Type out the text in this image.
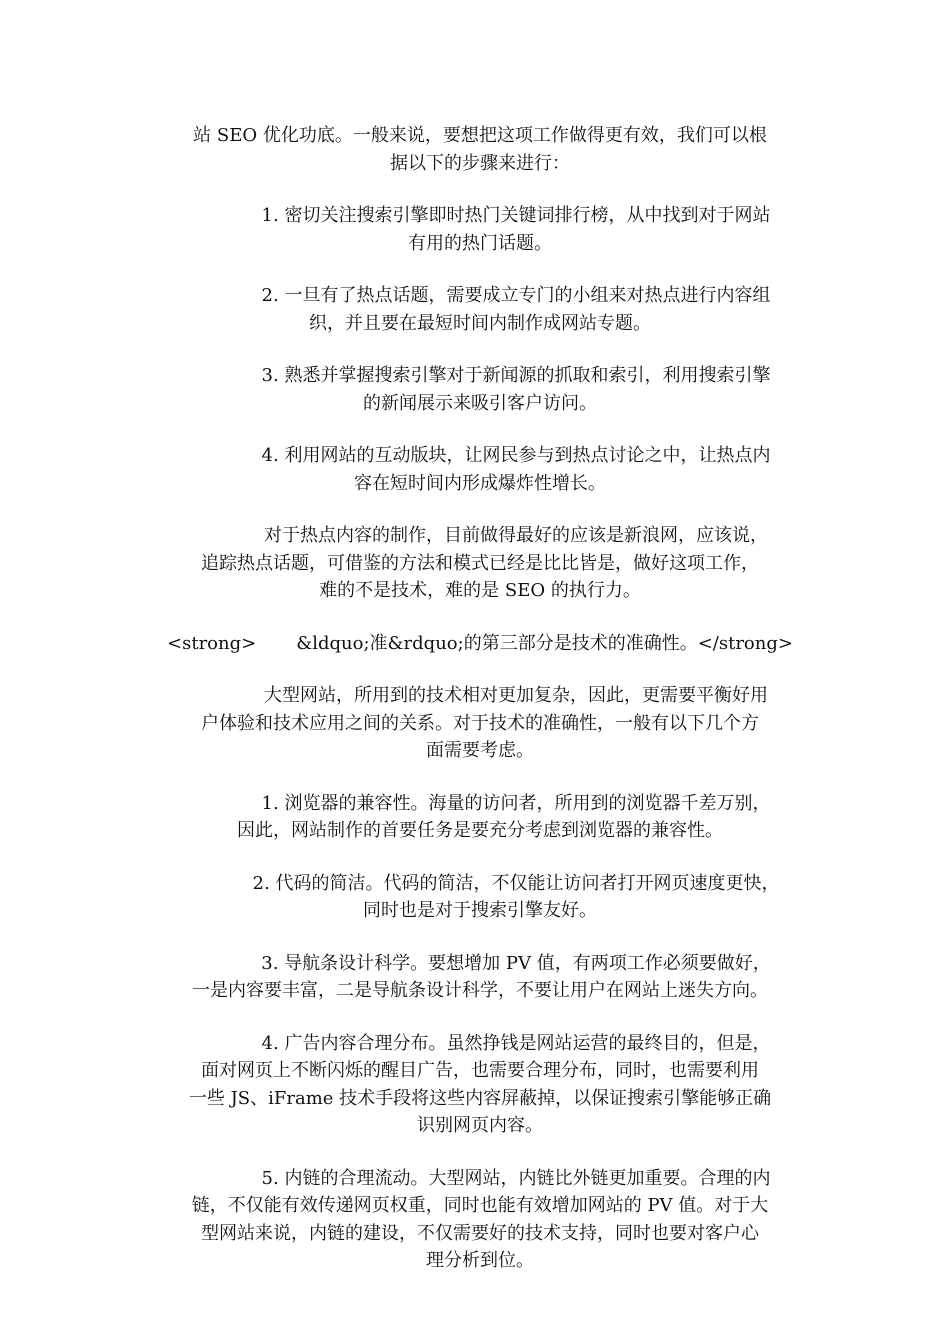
站 SEO 优化功底。一般来说，要想把这项工作做得更有效，我们可以根
据以下的步骤来进行：

1. 密切关注搜索引擎即时热门关键词排行榜，从中找到对于网站
有用的热门话题。

2. 一旦有了热点话题，需要成立专门的小组来对热点进行内容组
织，并且要在最短时间内制作成网站专题。

3. 熟悉并掌握搜索引擎对于新闻源的抓取和索引，利用搜索引擎
的新闻展示来吸引客户访问。

4. 利用网站的互动版块，让网民参与到热点讨论之中，让热点内
容在短时间内形成爆炸性增长。

对于热点内容的制作，目前做得最好的应该是新浪网，应该说，
追踪热点话题，可借鉴的方法和模式已经是比比皆是，做好这项工作，
难的不是技术，难的是 SEO 的执行力。

<strong> &ldquo;准&rdquo;的第三部分是技术的准确性。</strong>

大型网站，所用到的技术相对更加复杂，因此，更需要平衡好用
户体验和技术应用之间的关系。对于技术的准确性，一般有以下几个方
面需要考虑。

1. 浏览器的兼容性。海量的访问者，所用到的浏览器千差万别，
因此，网站制作的首要任务是要充分考虑到浏览器的兼容性。

2. 代码的简洁。代码的简洁，不仅能让访问者打开网页速度更快，
同时也是对于搜索引擎友好。

3. 导航条设计科学。要想增加 PV 值，有两项工作必须要做好，
一是内容要丰富，二是导航条设计科学，不要让用户在网站上迷失方向。

4. 广告内容合理分布。虽然挣钱是网站运营的最终目的，但是，
面对网页上不断闪烁的醒目广告，也需要合理分布，同时，也需要利用
一些 JS、iFrame 技术手段将这些内容屏蔽掉，以保证搜索引擎能够正确
识别网页内容。

5. 内链的合理流动。大型网站，内链比外链更加重要。合理的内
链，不仅能有效传递网页权重，同时也能有效增加网站的 PV 值。对于大
型网站来说，内链的建设，不仅需要好的技术支持，同时也要对客户心
理分析到位。
